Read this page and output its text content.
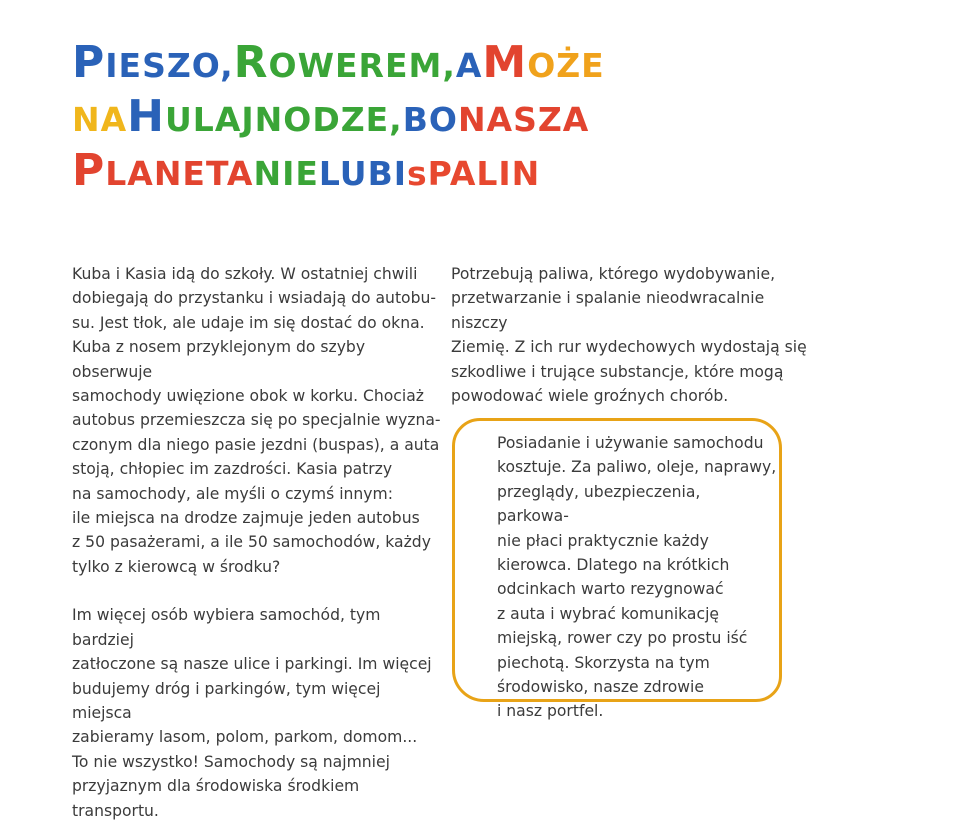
PIESZO,ROWEREM,AMOŻE
NAHULAJNODZE,BONASZA
PLANETANIELUBIsPALIN

Kuba i Kasia idą do szkoły. W ostatniej chwili
dobiegają do przystanku i wsiadają do autobu-
su. Jest tłok, ale udaje im się dostać do okna.
Kuba z nosem przyklejonym do szyby obserwuje
samochody uwięzione obok w korku. Chociaż
autobus przemieszcza się po specjalnie wyzna-
czonym dla niego pasie jezdni (buspas), a auta
stoją, chłopiec im zazdrości. Kasia patrzy
na samochody, ale myśli o czymś innym:
ile miejsca na drodze zajmuje jeden autobus
z 50 pasażerami, a ile 50 samochodów, każdy
tylko z kierowcą w środku?

Im więcej osób wybiera samochód, tym bardziej
zatłoczone są nasze ulice i parkingi. Im więcej
budujemy dróg i parkingów, tym więcej miejsca
zabieramy lasom, polom, parkom, domom...
To nie wszystko! Samochody są najmniej
przyjaznym dla środowiska środkiem transportu.

Potrzebują paliwa, którego wydobywanie,
przetwarzanie i spalanie nieodwracalnie niszczy
Ziemię. Z ich rur wydechowych wydostają się
szkodliwe i trujące substancje, które mogą
powodować wiele groźnych chorób.

Posiadanie i używanie samochodu
kosztuje. Za paliwo, oleje, naprawy,
przeglądy, ubezpieczenia, parkowa-
nie płaci praktycznie każdy
kierowca. Dlatego na krótkich
odcinkach warto rezygnować
z auta i wybrać komunikację
miejską, rower czy po prostu iść
piechotą. Skorzysta na tym
środowisko, nasze zdrowie
i nasz portfel.
